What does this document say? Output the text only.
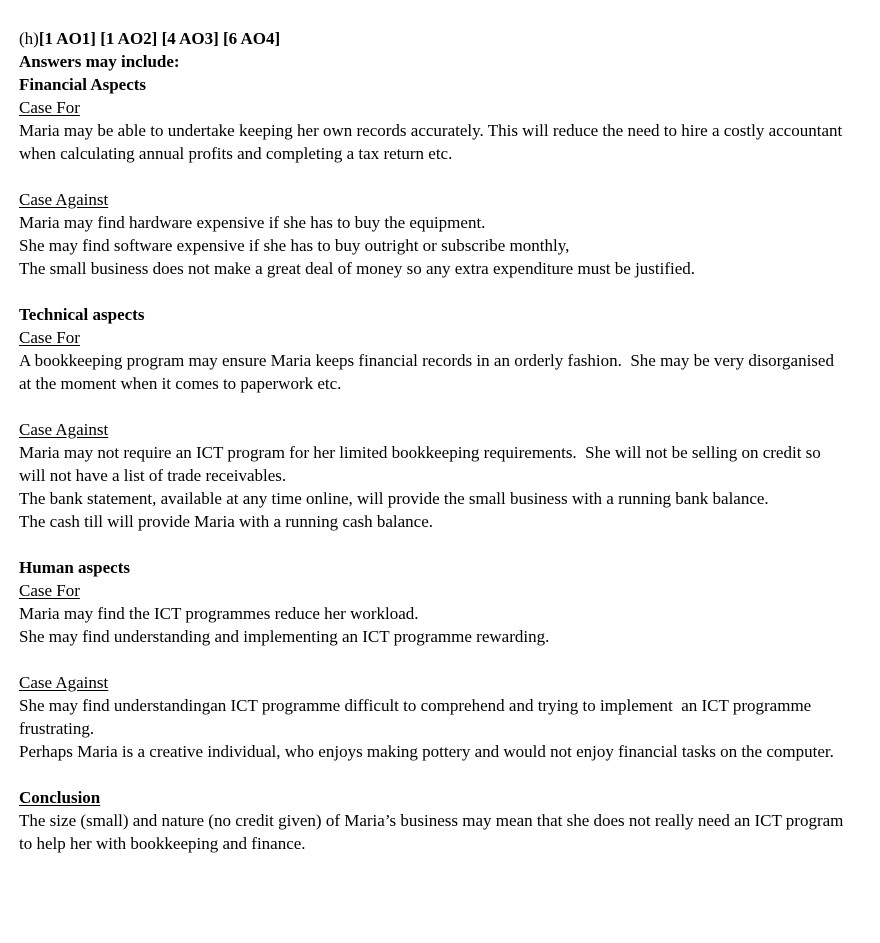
(h)[1 AO1] [1 AO2] [4 AO3] [6 AO4]

Answers may include:

Financial Aspects
Case For

Maria may be able to undertake keeping her own records accurately. This will reduce the need to hire a costly accountant when calculating annual profits and completing a tax return etc.

Case Against

Maria may find hardware expensive if she has to buy the equipment.

She may find software expensive if she has to buy outright or subscribe monthly,

The small business does not make a great deal of money so any extra expenditure must be justified.

Technical aspects
Case For

A bookkeeping program may ensure Maria keeps financial records in an orderly fashion.  She may be very disorganised at the moment when it comes to paperwork etc.

Case Against

Maria may not require an ICT program for her limited bookkeeping requirements.  She will not be selling on credit so will not have a list of trade receivables.

The bank statement, available at any time online, will provide the small business with a running bank balance.

The cash till will provide Maria with a running cash balance.

Human aspects
Case For

Maria may find the ICT programmes reduce her workload.

She may find understanding and implementing an ICT programme rewarding.

Case Against

She may find understandingan ICT programme difficult to comprehend and trying to implement  an ICT programme frustrating.

Perhaps Maria is a creative individual, who enjoys making pottery and would not enjoy financial tasks on the computer.

Conclusion

The size (small) and nature (no credit given) of Maria’s business may mean that she does not really need an ICT program to help her with bookkeeping and finance.
